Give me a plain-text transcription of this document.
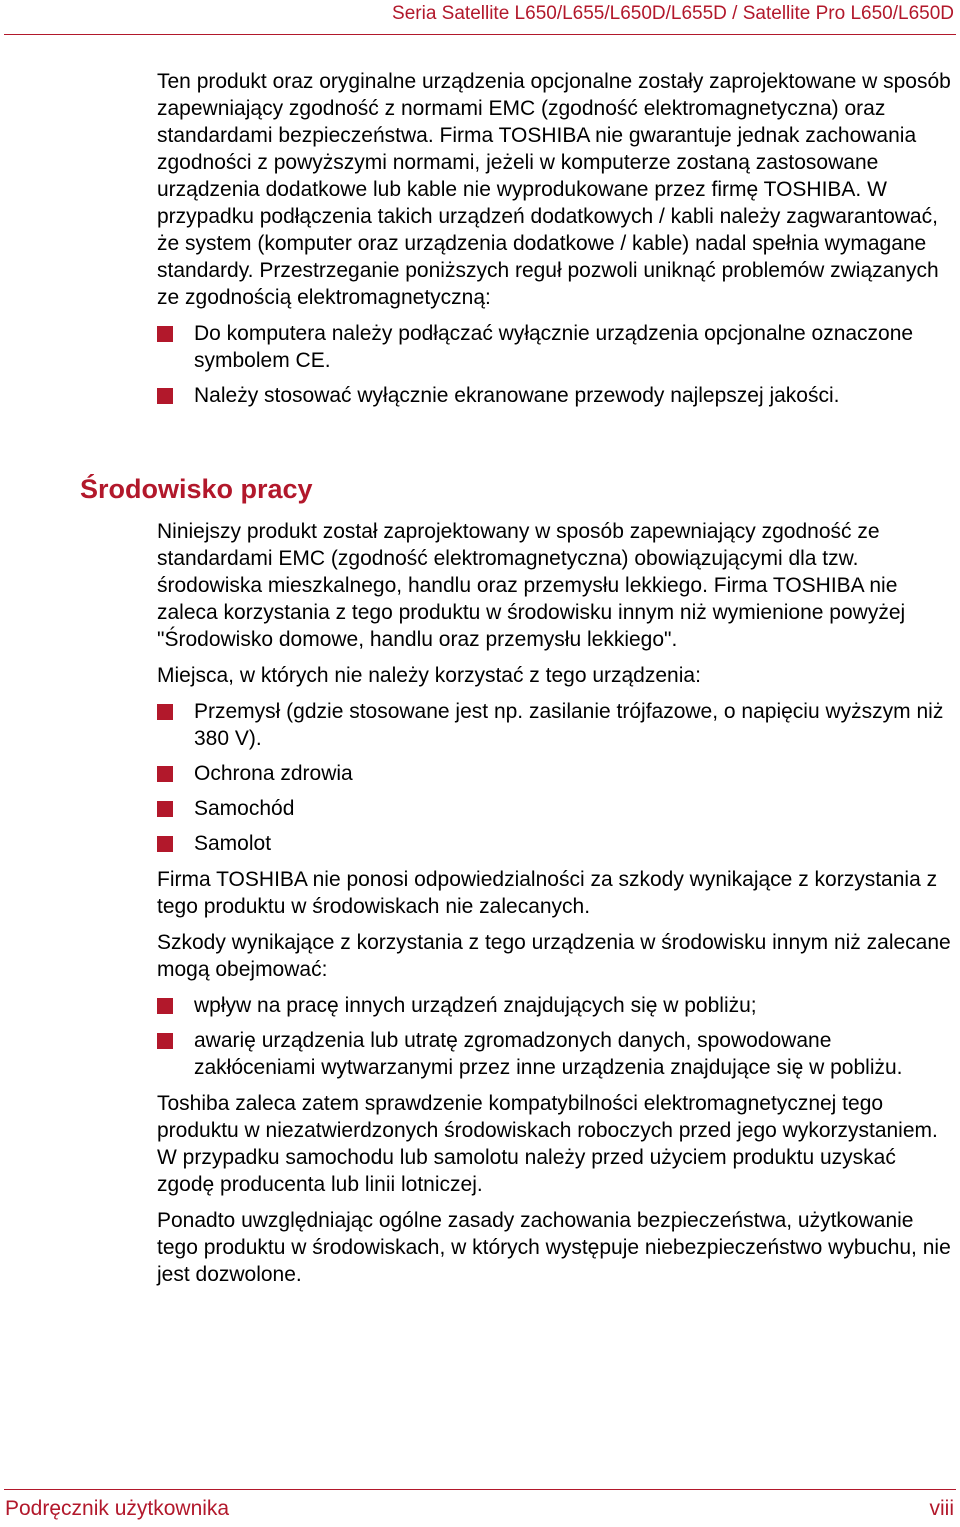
Seria Satellite L650/L655/L650D/L655D / Satellite Pro L650/L650D

Ten produkt oraz oryginalne urządzenia opcjonalne zostały zaprojektowane w sposób zapewniający zgodność z normami EMC (zgodność elektromagnetyczna) oraz standardami bezpieczeństwa. Firma TOSHIBA nie gwarantuje jednak zachowania zgodności z powyższymi normami, jeżeli w komputerze zostaną zastosowane urządzenia dodatkowe lub kable nie wyprodukowane przez firmę TOSHIBA. W przypadku podłączenia takich urządzeń dodatkowych / kabli należy zagwarantować, że system (komputer oraz urządzenia dodatkowe / kable) nadal spełnia wymagane standardy. Przestrzeganie poniższych reguł pozwoli uniknąć problemów związanych ze zgodnością elektromagnetyczną:

Do komputera należy podłączać wyłącznie urządzenia opcjonalne oznaczone symbolem CE.
Należy stosować wyłącznie ekranowane przewody najlepszej jakości.
Środowisko pracy

Niniejszy produkt został zaprojektowany w sposób zapewniający zgodność ze standardami EMC (zgodność elektromagnetyczna) obowiązującymi dla tzw. środowiska mieszkalnego, handlu oraz przemysłu lekkiego. Firma TOSHIBA nie zaleca korzystania z tego produktu w środowisku innym niż wymienione powyżej "Środowisko domowe, handlu oraz przemysłu lekkiego".

Miejsca, w których nie należy korzystać z tego urządzenia:

Przemysł (gdzie stosowane jest np. zasilanie trójfazowe, o napięciu wyższym niż 380 V).
Ochrona zdrowia
Samochód
Samolot

Firma TOSHIBA nie ponosi odpowiedzialności za szkody wynikające z korzystania z tego produktu w środowiskach nie zalecanych.

Szkody wynikające z korzystania z tego urządzenia w środowisku innym niż zalecane mogą obejmować:

wpływ na pracę innych urządzeń znajdujących się w pobliżu;
awarię urządzenia lub utratę zgromadzonych danych, spowodowane zakłóceniami wytwarzanymi przez inne urządzenia znajdujące się w pobliżu.

Toshiba zaleca zatem sprawdzenie kompatybilności elektromagnetycznej tego produktu w niezatwierdzonych środowiskach roboczych przed jego wykorzystaniem. W przypadku samochodu lub samolotu należy przed użyciem produktu uzyskać zgodę producenta lub linii lotniczej.

Ponadto uwzględniając ogólne zasady zachowania bezpieczeństwa, użytkowanie tego produktu w środowiskach, w których występuje niebezpieczeństwo wybuchu, nie jest dozwolone.

Podręcznik użytkownika	viii
